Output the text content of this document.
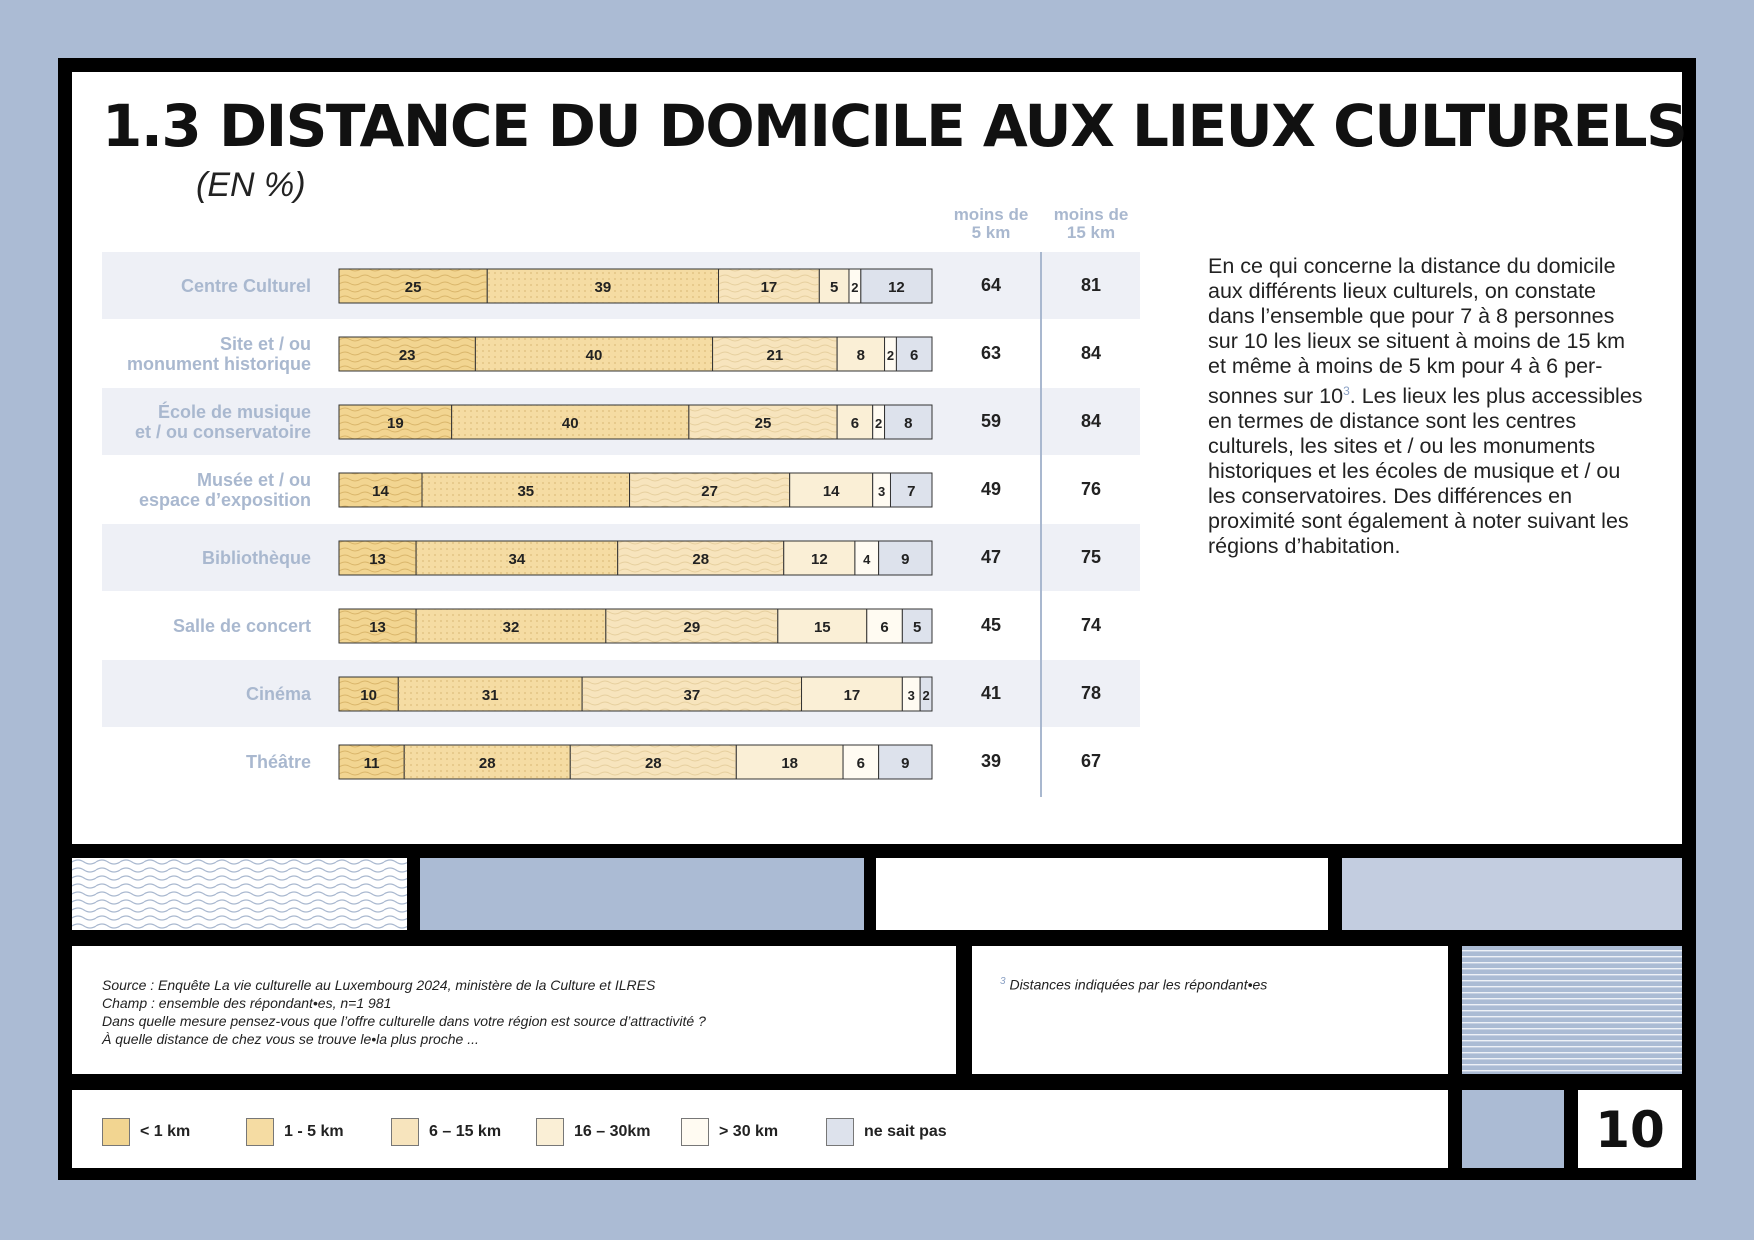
1.3 DISTANCE DU DOMICILE AUX LIEUX CULTURELS
(EN %)
moins de
5 km
moins de
15 km
Centre Culturel	64	81
Site et / ou
monument historique
63	84
École de musique
et / ou conservatoire
59	84
Musée et / ou
espace d’exposition
49	76
Bibliothèque	47	75
Salle de concert	45	74
Cinéma	41	78
Théâtre	39	67
25	39	17	5 2 12
23	40	21	8 2 6
19	40	25	6 2 8
14	35	27	14	3 7
13	34	28	12	4 9
13	32	29	15	6 5
10	31	37	17	3 2
11	28	28	18	6 9
En ce qui concerne la distance du domicile aux différents lieux culturels, on constate dans l’ensemble que pour 7 à 8 personnes sur 10 les lieux se situent à moins de 15 km et même à moins de 5 km pour 4 à 6 per-sonnes sur $10^3$. Les lieux les plus accessibles en termes de distance sont les centres culturels, les sites et / ou les monuments historiques et les écoles de musique et / ou les conservatoires. Des différences en proximité sont également à noter suivant les régions d’habitation.
Source : Enquête La vie culturelle au Luxembourg 2024, ministère de la Culture et ILRES
Champ : ensemble des répondant•es, n=1 981
Dans quelle mesure pensez-vous que l’offre culturelle dans votre région est source d’attractivité ?
À quelle distance de chez vous se trouve le•la plus proche ...
$^3$ Distances indiquées par les répondant•es
< 1 km	1 - 5 km	6 – 15 km	16 – 30km	> 30 km	ne sait pas	10
